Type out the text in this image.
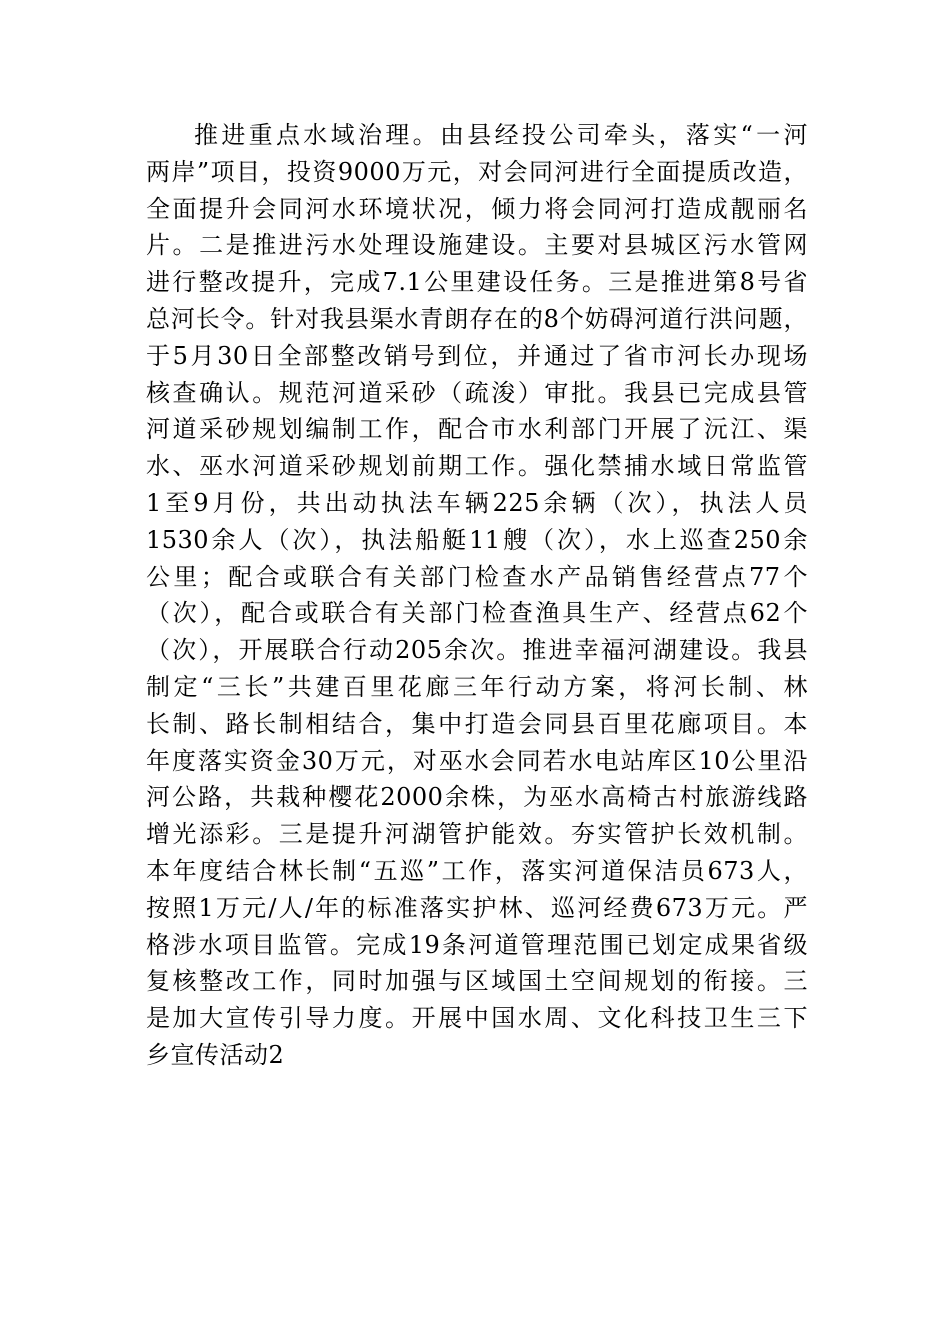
推进重点水域治理。由县经投公司牵头，落实“一河
两岸”项目，投资9000万元，对会同河进行全面提质改造，
全面提升会同河水环境状况，倾力将会同河打造成靓丽名
片。二是推进污水处理设施建设。主要对县城区污水管网
进行整改提升，完成7.1公里建设任务。三是推进第8号省
总河长令。针对我县渠水青朗存在的8个妨碍河道行洪问题，
于5月30日全部整改销号到位，并通过了省市河长办现场
核查确认。规范河道采砂（疏浚）审批。我县已完成县管
河道采砂规划编制工作，配合市水利部门开展了沅江、渠
水、巫水河道采砂规划前期工作。强化禁捕水域日常监管
1至9月份，共出动执法车辆225余辆（次），执法人员
1530余人（次），执法船艇11艘（次），水上巡查250余
公里；配合或联合有关部门检查水产品销售经营点77个
（次），配合或联合有关部门检查渔具生产、经营点62个
（次），开展联合行动205余次。推进幸福河湖建设。我县
制定“三长”共建百里花廊三年行动方案，将河长制、林
长制、路长制相结合，集中打造会同县百里花廊项目。本
年度落实资金30万元，对巫水会同若水电站库区10公里沿
河公路，共栽种樱花2000余株，为巫水高椅古村旅游线路
增光添彩。三是提升河湖管护能效。夯实管护长效机制。
本年度结合林长制“五巡”工作，落实河道保洁员673人，
按照1万元/人/年的标准落实护林、巡河经费673万元。严
格涉水项目监管。完成19条河道管理范围已划定成果省级
复核整改工作，同时加强与区域国土空间规划的衔接。三
是加大宣传引导力度。开展中国水周、文化科技卫生三下
乡宣传活动2
